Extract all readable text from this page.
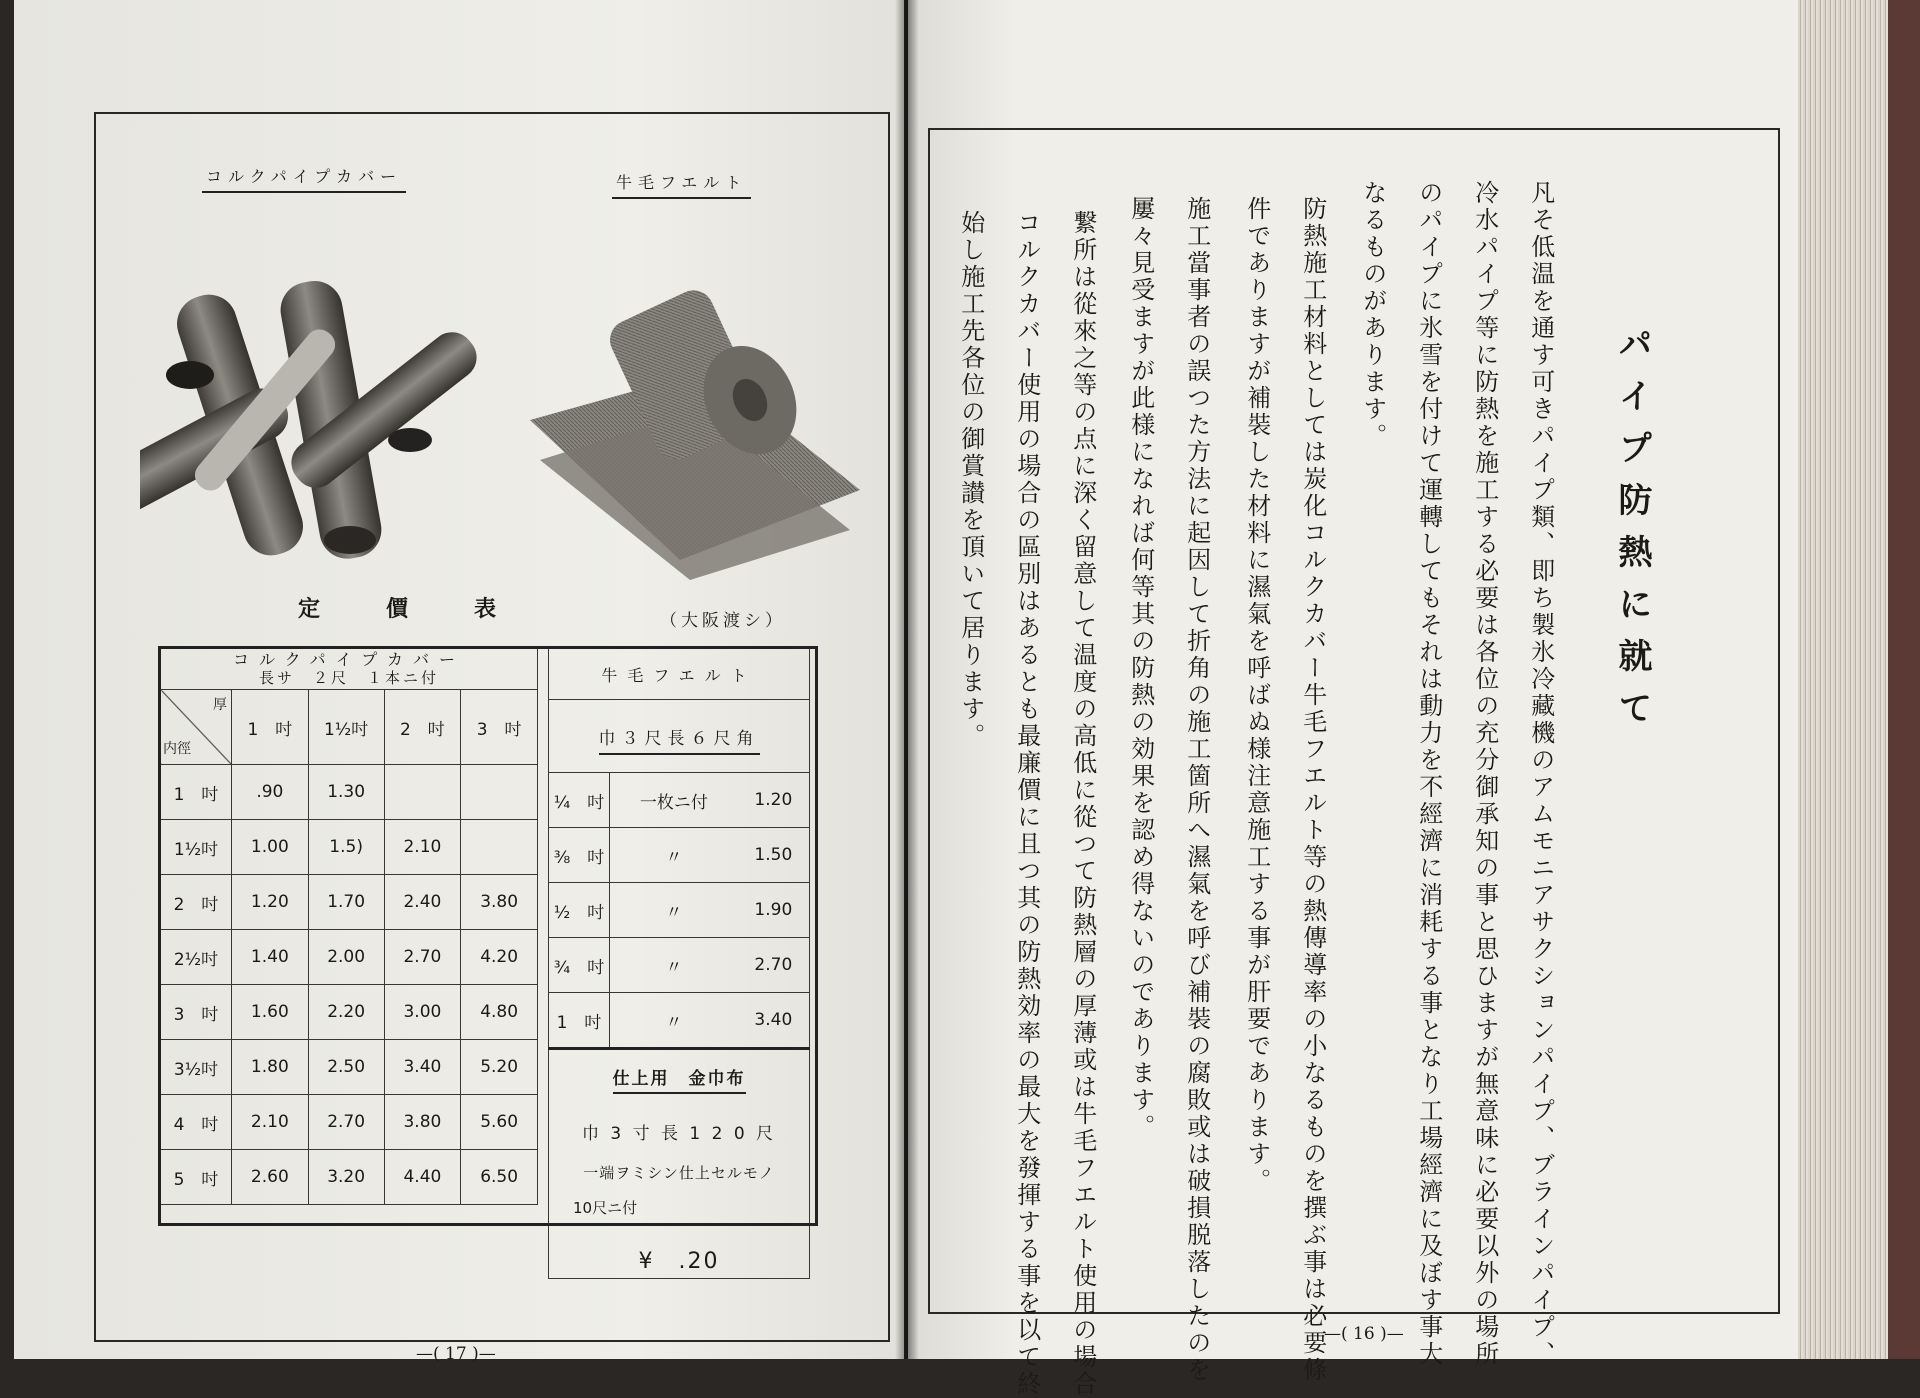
コルクパイプカバー	牛毛フエルト
定　　　價　　　表	（大阪渡シ）
コルクパイプカバー
長サ　２尺　１本ニ付				

厚
内徑	1　吋	1½吋	2　吋	3　吋
1　吋	.90	1.30		
1½吋	1.00	1.5)	2.10	
2　吋	1.20	1.70	2.40	3.80
2½吋	1.40	2.00	2.70	4.20
3　吋	1.60	2.20	3.00	4.80
3½吋	1.80	2.50	3.40	5.20
4　吋	2.10	2.70	3.80	5.60
5　吋	2.60	3.20	4.40	6.50
牛毛フエルト		
巾３尺長６尺角		
¼　吋	一枚ニ付	1.20
⅜　吋	〃	1.50
½　吋	〃	1.90
¾　吋	〃	2.70
1　吋	〃	3.40

仕上用　金巾布
巾 3 寸 長 1 2 0 尺
一端ヲミシン仕上セルモノ
10尺ニ付
¥　.20		
—( 17 )—
パイプ防熱に就て
凡そ低温を通す可きパイプ類、即ち製氷冷藏機のアムモニアサクションパイプ、ブラインパイプ、
冷水パイプ等に防熱を施工する必要は各位の充分御承知の事と思ひますが無意味に必要以外の場所
のパイプに氷雪を付けて運轉してもそれは動力を不經濟に消耗する事となり工場經濟に及ぼす事大
なるものがあります。
防熱施工材料としては炭化コルクカバー牛毛フエルト等の熱傳導率の小なるものを撰ぶ事は必要條
件でありますが補裝した材料に濕氣を呼ばぬ様注意施工する事が肝要であります。
施工當事者の誤つた方法に起因して折角の施工箇所へ濕氣を呼び補裝の腐敗或は破損脱落したのを
屢々見受ますが此様になれば何等其の防熱の効果を認め得ないのであります。
繋所は從來之等の点に深く留意して温度の高低に從つて防熱層の厚薄或は牛毛フエルト使用の場合
コルクカバー使用の場合の區別はあるとも最廉價に且つ其の防熱効率の最大を發揮する事を以て終
始し施工先各位の御賞讃を頂いて居ります。
—( 16 )—
